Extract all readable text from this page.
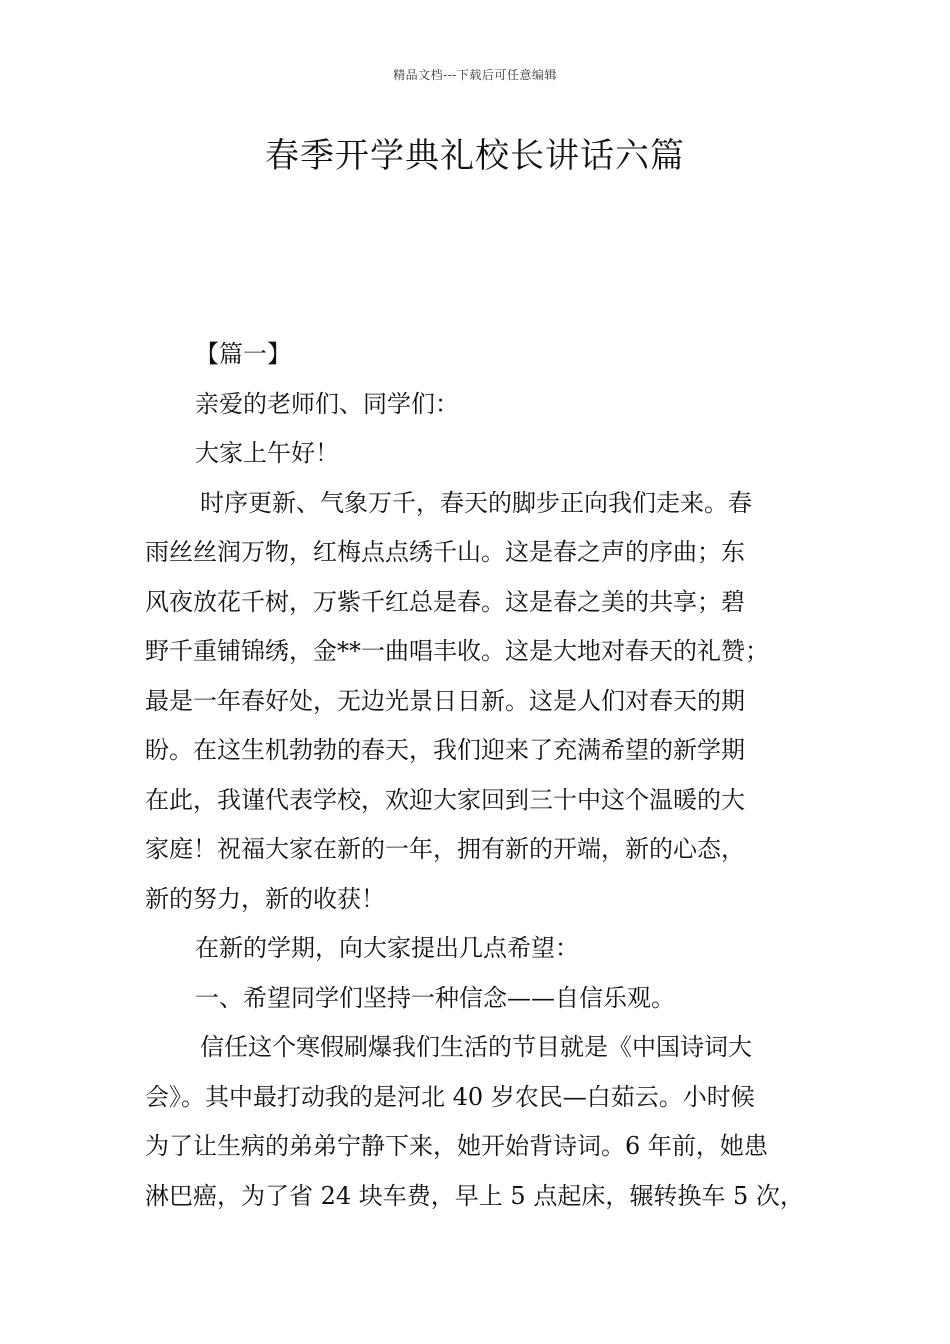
精品文档---下载后可任意编辑
春季开学典礼校长讲话六篇
【篇一】
亲爱的老师们、同学们：
大家上午好！
时序更新、气象万千，春天的脚步正向我们走来。春
雨丝丝润万物，红梅点点绣千山。这是春之声的序曲；东
风夜放花千树，万紫千红总是春。这是春之美的共享；碧
野千重铺锦绣，金**一曲唱丰收。这是大地对春天的礼赞；
最是一年春好处，无边光景日日新。这是人们对春天的期
盼。在这生机勃勃的春天，我们迎来了充满希望的新学期
在此，我谨代表学校，欢迎大家回到三十中这个温暖的大
家庭！祝福大家在新的一年，拥有新的开端，新的心态，
新的努力，新的收获！
在新的学期，向大家提出几点希望：
一、希望同学们坚持一种信念——自信乐观。
信任这个寒假刷爆我们生活的节目就是《中国诗词大
会》。其中最打动我的是河北 40 岁农民—白茹云。小时候
为了让生病的弟弟宁静下来，她开始背诗词。6 年前，她患
淋巴癌，为了省 24 块车费，早上 5 点起床，辗转换车 5 次，
